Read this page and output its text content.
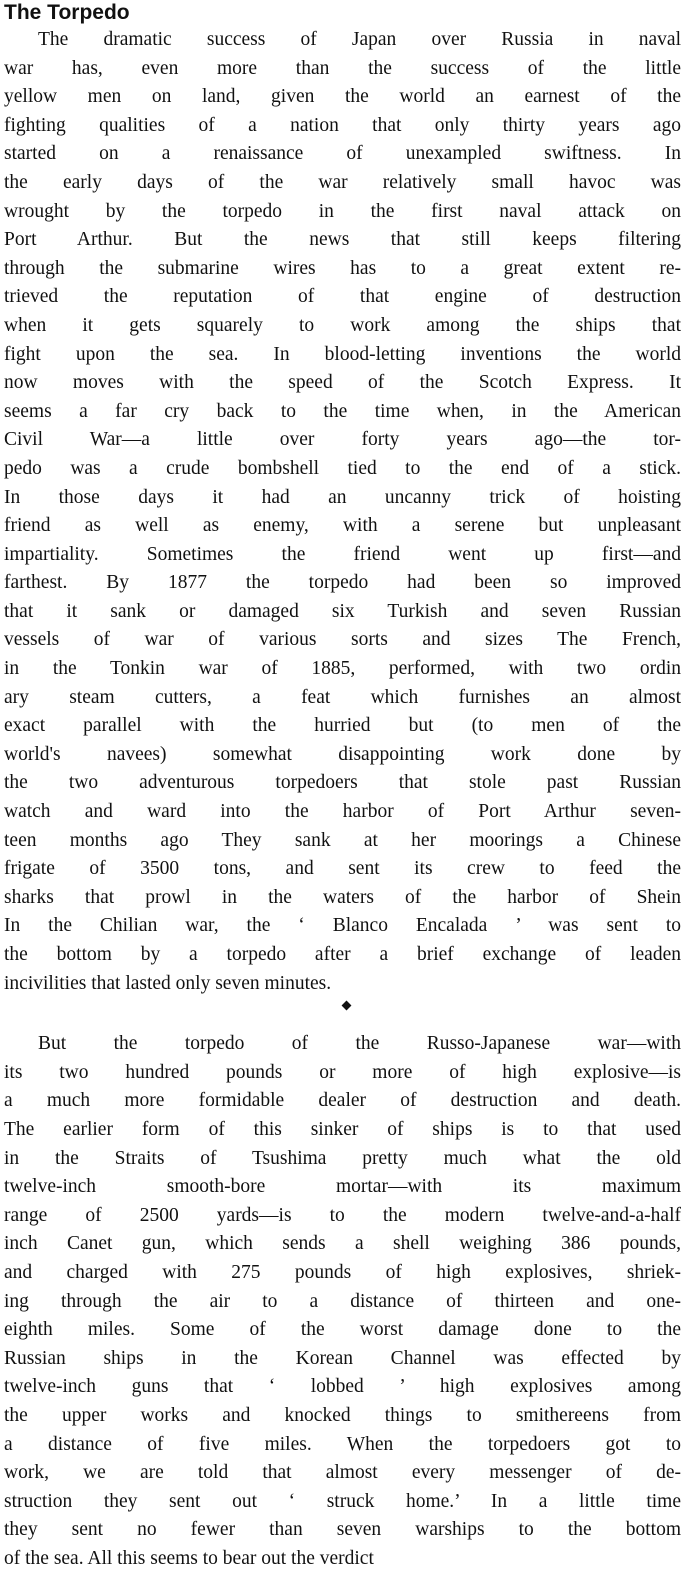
The Torpedo
The dramatic success of Japan over Russia in naval
war has, even more than the success of the little
yellow men on land, given the world an earnest of the
fighting qualities of a nation that only thirty years ago
started on a renaissance of unexampled swiftness. In
the early days of the war relatively small havoc was
wrought by the torpedo in the first naval attack on
Port Arthur. But the news that still keeps filtering
through the submarine wires has to a great extent re-
trieved the reputation of that engine of destruction
when it gets squarely to work among the ships that
fight upon the sea. In blood-letting inventions the world
now moves with the speed of the Scotch Express. It
seems a far cry back to the time when, in the American
Civil War—a little over forty years ago—the tor-
pedo was a crude bombshell tied to the end of a stick.
In those days it had an uncanny trick of hoisting
friend as well as enemy, with a serene but unpleasant
impartiality. Sometimes the friend went up first—and
farthest. By 1877 the torpedo had been so improved
that it sank or damaged six Turkish and seven Russian
vessels of war of various sorts and sizes The French,
in the Tonkin war of 1885, performed, with two ordin
ary steam cutters, a feat which furnishes an almost
exact parallel with the hurried but (to men of the
world's navees) somewhat disappointing work done by
the two adventurous torpedoers that stole past Russian
watch and ward into the harbor of Port Arthur seven-
teen months ago They sank at her moorings a Chinese
frigate of 3500 tons, and sent its crew to feed the
sharks that prowl in the waters of the harbor of Shein
In the Chilian war, the ‘ Blanco Encalada ’ was sent to
the bottom by a torpedo after a brief exchange of leaden
incivilities that lasted only seven minutes.
But the torpedo of the Russo-Japanese war—with
its two hundred pounds or more of high explosive—is
a much more formidable dealer of destruction and death.
The earlier form of this sinker of ships is to that used
in the Straits of Tsushima pretty much what the old
twelve-inch smooth-bore mortar—with its maximum
range of 2500 yards—is to the modern twelve-and-a-half
inch Canet gun, which sends a shell weighing 386 pounds,
and charged with 275 pounds of high explosives, shriek-
ing through the air to a distance of thirteen and one-
eighth miles. Some of the worst damage done to the
Russian ships in the Korean Channel was effected by
twelve-inch guns that ‘ lobbed ’ high explosives among
the upper works and knocked things to smithereens from
a distance of five miles. When the torpedoers got to
work, we are told that almost every messenger of de-
struction they sent out ‘ struck home.’ In a little time
they sent no fewer than seven warships to the bottom
of the sea. All this seems to bear out the verdict
